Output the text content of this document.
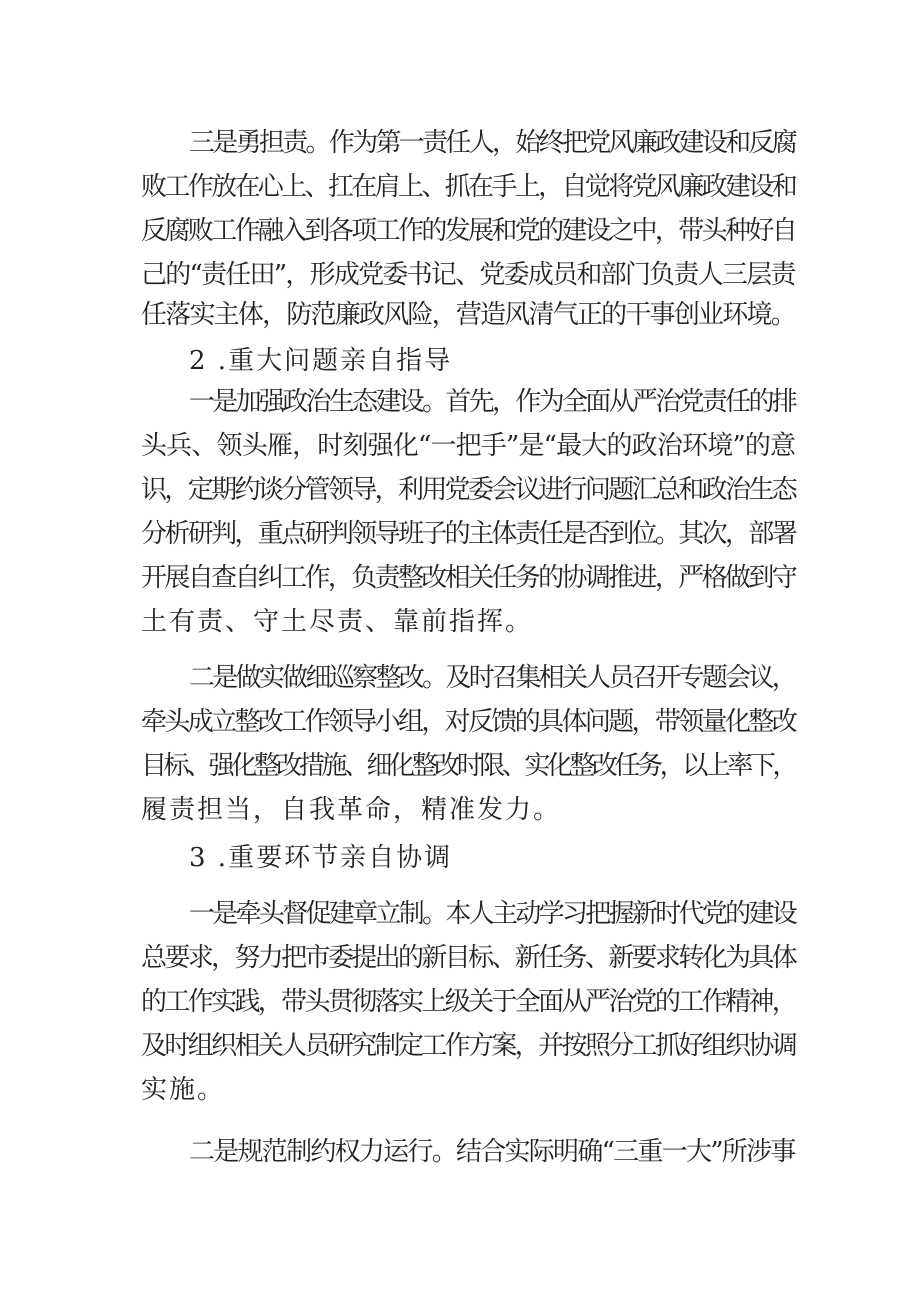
三是勇担责。作为第一责任人，始终把党风廉政建设和反腐
败工作放在心上、扛在肩上、抓在手上，自觉将党风廉政建设和
反腐败工作融入到各项工作的发展和党的建设之中，带头种好自
己的“责任田”，形成党委书记、党委成员和部门负责人三层责
任落实主体，防范廉政风险，营造风清气正的干事创业环境。
2 .重大问题亲自指导
一是加强政治生态建设。首先，作为全面从严治党责任的排
头兵、领头雁，时刻强化“一把手”是“最大的政治环境”的意
识，定期约谈分管领导，利用党委会议进行问题汇总和政治生态
分析研判，重点研判领导班子的主体责任是否到位。其次，部署
开展自查自纠工作，负责整改相关任务的协调推进，严格做到守
土有责、守土尽责、靠前指挥。
二是做实做细巡察整改。及时召集相关人员召开专题会议，
牵头成立整改工作领导小组，对反馈的具体问题，带领量化整改
目标、强化整改措施、细化整改时限、实化整改任务，以上率下，
履责担当，自我革命，精准发力。
3 .重要环节亲自协调
一是牵头督促建章立制。本人主动学习把握新时代党的建设
总要求，努力把市委提出的新目标、新任务、新要求转化为具体
的工作实践，带头贯彻落实上级关于全面从严治党的工作精神，
及时组织相关人员研究制定工作方案，并按照分工抓好组织协调
实施。
二是规范制约权力运行。结合实际明确“三重一大”所涉事
